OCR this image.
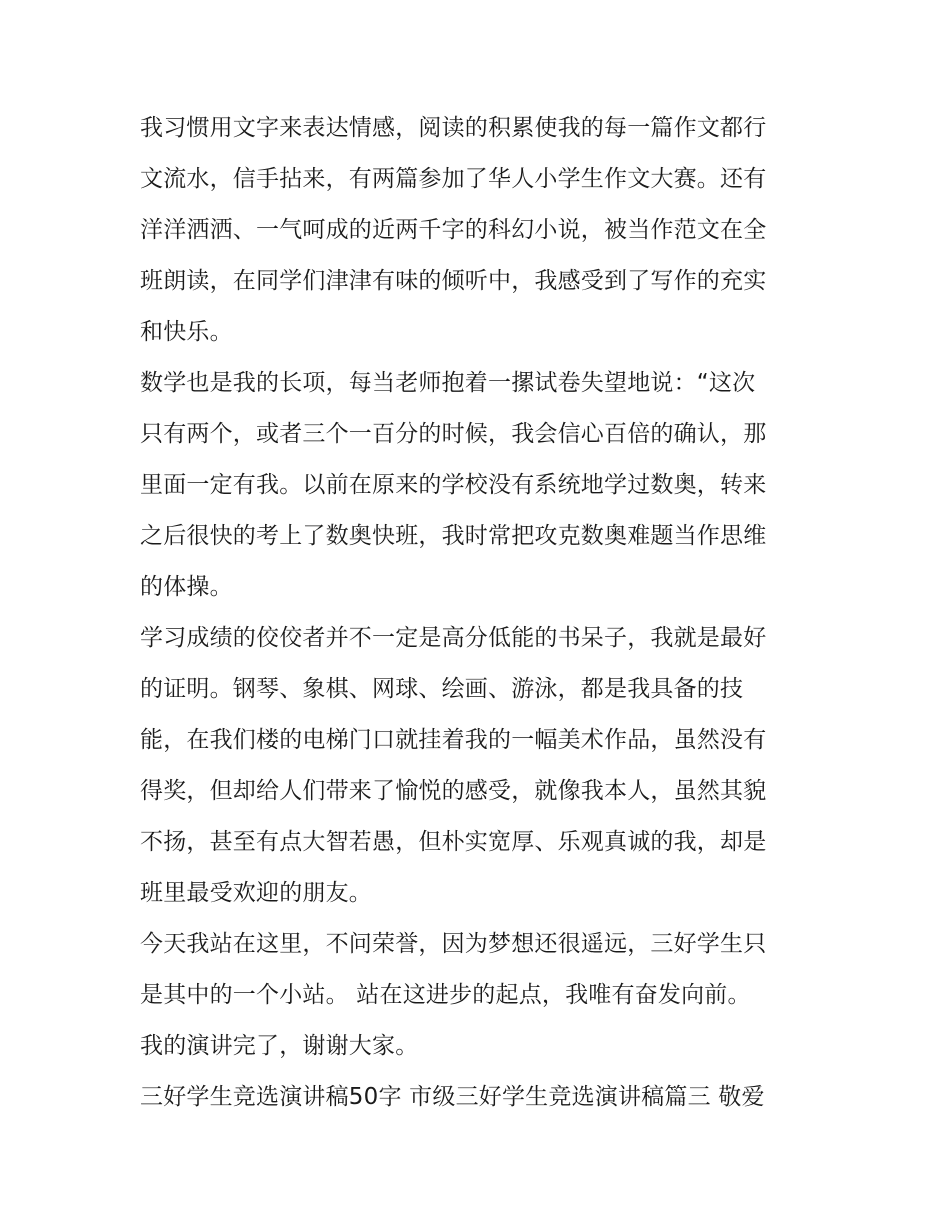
我习惯用文字来表达情感，阅读的积累使我的每一篇作文都行
文流水，信手拈来，有两篇参加了华人小学生作文大赛。还有
洋洋洒洒、一气呵成的近两千字的科幻小说，被当作范文在全
班朗读，在同学们津津有味的倾听中，我感受到了写作的充实
和快乐。
数学也是我的长项，每当老师抱着一摞试卷失望地说：“这次
只有两个，或者三个一百分的时候，我会信心百倍的确认，那
里面一定有我。以前在原来的学校没有系统地学过数奥，转来
之后很快的考上了数奥快班，我时常把攻克数奥难题当作思维
的体操。
学习成绩的佼佼者并不一定是高分低能的书呆子，我就是最好
的证明。钢琴、象棋、网球、绘画、游泳，都是我具备的技
能，在我们楼的电梯门口就挂着我的一幅美术作品，虽然没有
得奖，但却给人们带来了愉悦的感受，就像我本人，虽然其貌
不扬，甚至有点大智若愚，但朴实宽厚、乐观真诚的我，却是
班里最受欢迎的朋友。
今天我站在这里，不问荣誉，因为梦想还很遥远，三好学生只
是其中的一个小站。 站在这进步的起点，我唯有奋发向前。
我的演讲完了，谢谢大家。
三好学生竞选演讲稿50字 市级三好学生竞选演讲稿篇三 敬爱
